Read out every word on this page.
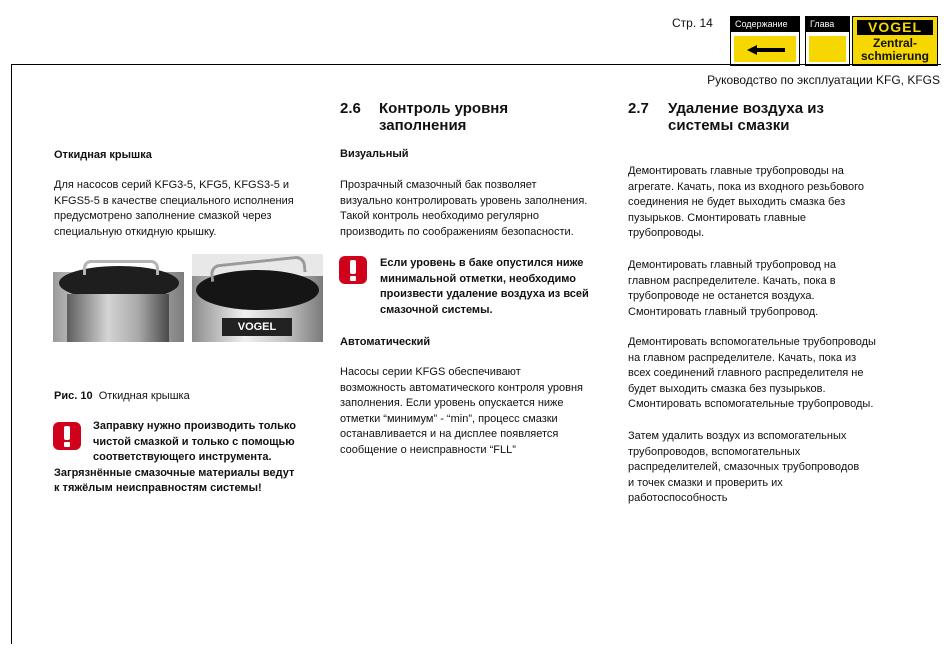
Стр. 14	Содержание	Глава	VOGEL
Zentral-
schmierung
Руководство по эксплуатации KFG, KFGS
Откидная крышка
Для насосов серий KFG3-5, KFG5, KFGS3-5 и
KFGS5-5 в качестве специального исполнения
предусмотрено заполнение смазкой через
специальную откидную крышку.
VOGEL
Рис. 10 Откидная крышка
Заправку нужно производить только
чистой смазкой и только с помощью
соответствующего инструмента.
Загрязнённые смазочные материалы ведут
к тяжёлым неисправностям системы!
2.6 Контроль уровня
заполнения
Визуальный
Прозрачный смазочный бак позволяет
визуально контролировать уровень заполнения.
Такой контроль необходимо регулярно
производить по соображениям безопасности.
Если уровень в баке опустился ниже
минимальной отметки, необходимо
произвести удаление воздуха из всей
смазочной системы.
Автоматический
Насосы серии KFGS обеспечивают
возможность автоматического контроля уровня
заполнения. Если уровень опускается ниже
отметки “минимум” - “min”, процесс смазки
останавливается и на дисплее появляется
сообщение о неисправности “FLL”
2.7 Удаление воздуха из
системы смазки
Демонтировать главные трубопроводы на
агрегате. Качать, пока из входного резьбового
соединения не будет выходить смазка без
пузырьков. Смонтировать главные
трубопроводы.
Демонтировать главный трубопровод на
главном распределителе. Качать, пока в
трубопроводе не останется воздуха.
Смонтировать главный трубопровод.
Демонтировать вспомогательные трубопроводы
на главном распределителе. Качать, пока из
всех соединений главного распределителя не
будет выходить смазка без пузырьков.
Смонтировать вспомогательные трубопроводы.
Затем удалить воздух из вспомогательных
трубопроводов, вспомогательных
распределителей, смазочных трубопроводов
и точек смазки и проверить их
работоспособность
